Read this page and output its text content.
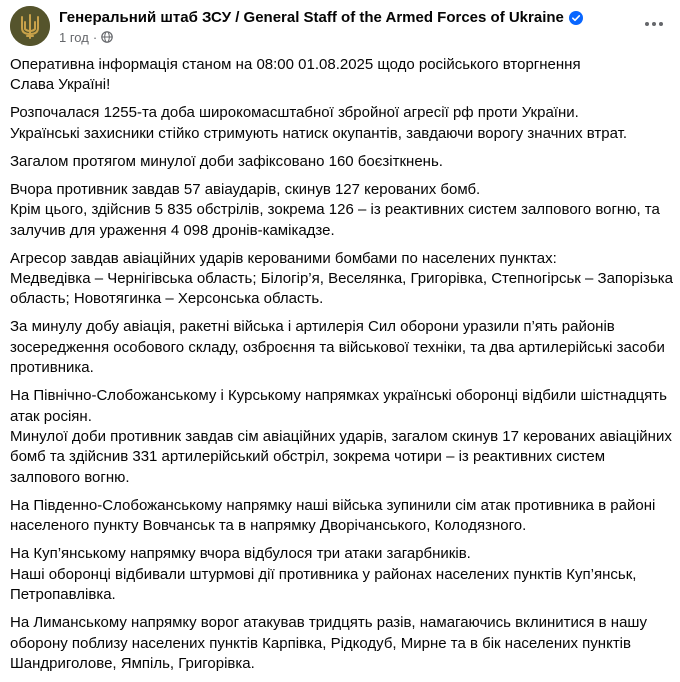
Генеральний штаб ЗСУ / General Staff of the Armed Forces of Ukraine
1 год ·

Оперативна інформація станом на 08:00 01.08.2025 щодо російського вторгнення
Слава Україні!

Розпочалася 1255-та доба широкомасштабної збройної агресії рф проти України.
Українські захисники стійко стримують натиск окупантів, завдаючи ворогу значних втрат.

Загалом протягом минулої доби зафіксовано 160 боєзіткнень.

Вчора противник завдав 57 авіаударів, скинув 127 керованих бомб.
Крім цього, здійснив 5 835 обстрілів, зокрема 126 – із реактивних систем залпового вогню, та залучив для ураження 4 098 дронів-камікадзе.

Агресор завдав авіаційних ударів керованими бомбами по населених пунктах:
Медведівка – Чернігівська область; Білогір’я, Веселянка, Григорівка, Степногірськ – Запорізька область; Новотягинка – Херсонська область.

За минулу добу авіація, ракетні війська і артилерія Сил оборони уразили п’ять районів зосередження особового складу, озброєння та військової техніки, та два артилерійські засоби противника.

На Північно-Слобожанському і Курському напрямках українські оборонці відбили шістнадцять атак росіян.
Минулої доби противник завдав сім авіаційних ударів, загалом скинув 17 керованих авіаційних бомб та здійснив 331 артилерійський обстріл, зокрема чотири – із реактивних систем залпового вогню.

На Південно-Слобожанському напрямку наші війська зупинили сім атак противника в районі населеного пункту Вовчанськ та в напрямку Дворічанського, Колодязного.

На Куп’янському напрямку вчора відбулося три атаки загарбників.
Наші оборонці відбивали штурмові дії противника у районах населених пунктів Куп’янськ, Петропавлівка.

На Лиманському напрямку ворог атакував тридцять разів, намагаючись вклинитися в нашу оборону поблизу населених пунктів Карпівка, Рідкодуб, Мирне та в бік населених пунктів Шандриголове, Ямпіль, Григорівка.
